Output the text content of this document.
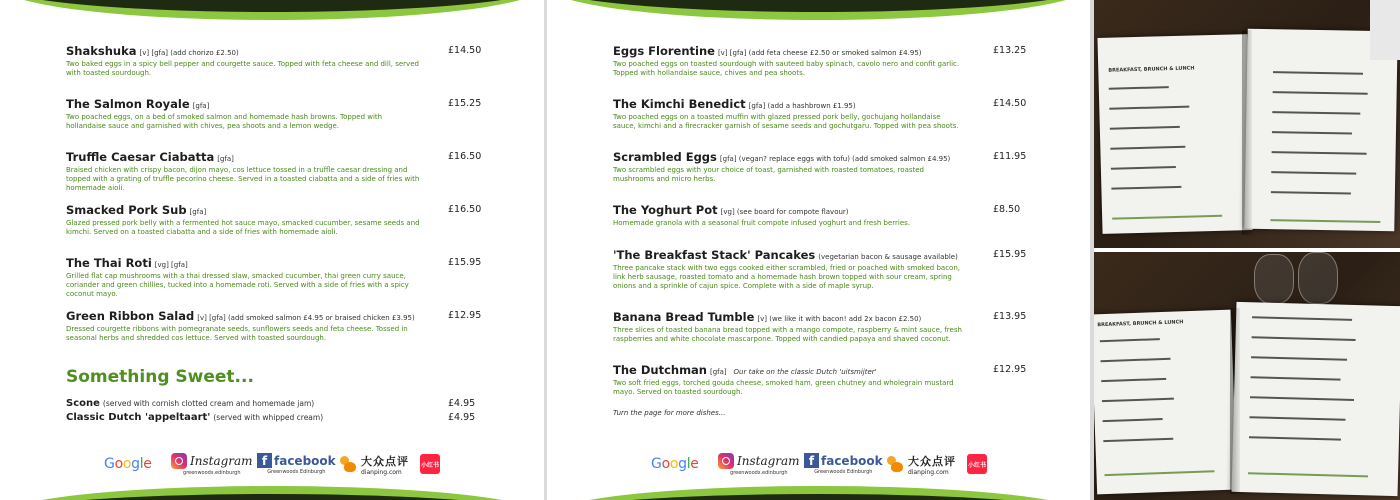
Shakshuka [v] [gfa] (add chorizo £2.50)
Two baked eggs in a spicy bell pepper and courgette sauce. Topped with feta cheese and dill, served with toasted sourdough.
£14.50
The Salmon Royale [gfa]
Two poached eggs, on a bed of smoked salmon and homemade hash browns. Topped with hollandaise sauce and garnished with chives, pea shoots and a lemon wedge.
£15.25
Truffle Caesar Ciabatta [gfa]
Braised chicken with crispy bacon, dijon mayo, cos lettuce tossed in a truffle caesar dressing and topped with a grating of truffle pecorino cheese. Served in a toasted ciabatta and a side of fries with homemade aioli.
£16.50
Smacked Pork Sub [gfa]
Glazed pressed pork belly with a fermented hot sauce mayo, smacked cucumber, sesame seeds and kimchi. Served on a toasted ciabatta and a side of fries with homemade aioli.
£16.50
The Thai Roti [vg] [gfa]
Grilled flat cap mushrooms with a thai dressed slaw, smacked cucumber, thai green curry sauce, coriander and green chillies, tucked into a homemade roti. Served with a side of fries with a spicy coconut mayo.
£15.95
Green Ribbon Salad [v] [gfa] (add smoked salmon £4.95 or braised chicken £3.95)
Dressed courgette ribbons with pomegranate seeds, sunflowers seeds and feta cheese. Tossed in seasonal herbs and shredded cos lettuce. Served with toasted sourdough.
£12.95
Something Sweet...
Scone (served with cornish clotted cream and homemade jam)	£4.95
Classic Dutch 'appeltaart' (served with whipped cream)	£4.95
Google	Instagram
greenwoods.edinburgh
f facebook
Greenwoods Edinburgh
大众点评
dianping.com
小红书
Eggs Florentine [v] [gfa] (add feta cheese £2.50 or smoked salmon £4.95)
Two poached eggs on toasted sourdough with sauteed baby spinach, cavolo nero and confit garlic. Topped with hollandaise sauce, chives and pea shoots.
£13.25
The Kimchi Benedict [gfa] (add a hashbrown £1.95)
Two poached eggs on a toasted muffin with glazed pressed pork belly, gochujang hollandaise sauce, kimchi and a firecracker garnish of sesame seeds and gochutgaru. Topped with pea shoots.
£14.50
Scrambled Eggs [gfa] (vegan? replace eggs with tofu) (add smoked salmon £4.95)
Two scrambled eggs with your choice of toast, garnished with roasted tomatoes, roasted mushrooms and micro herbs.
£11.95
The Yoghurt Pot [vg] (see board for compote flavour)
Homemade granola with a seasonal fruit compote infused yoghurt and fresh berries.
£8.50
'The Breakfast Stack' Pancakes (vegetarian bacon & sausage available)
Three pancake stack with two eggs cooked either scrambled, fried or poached with smoked bacon, link herb sausage, roasted tomato and a homemade hash brown topped with sour cream, spring onions and a sprinkle of cajun spice. Complete with a side of maple syrup.
£15.95
Banana Bread Tumble [v] (we like it with bacon! add 2x bacon £2.50)
Three slices of toasted banana bread topped with a mango compote, raspberry & mint sauce, fresh raspberries and white chocolate mascarpone. Topped with candied papaya and shaved coconut.
£13.95
The Dutchman [gfa] Our take on the classic Dutch 'uitsmijter'
Two soft fried eggs, torched gouda cheese, smoked ham, green chutney and wholegrain mustard mayo. Served on toasted sourdough.
£12.95
Google	Instagram
greenwoods.edinburgh
f facebook
Greenwoods Edinburgh
大众点评
dianping.com
小红书
Turn the page for more dishes...
BREAKFAST, BRUNCH & LUNCH
BREAKFAST, BRUNCH & LUNCH
